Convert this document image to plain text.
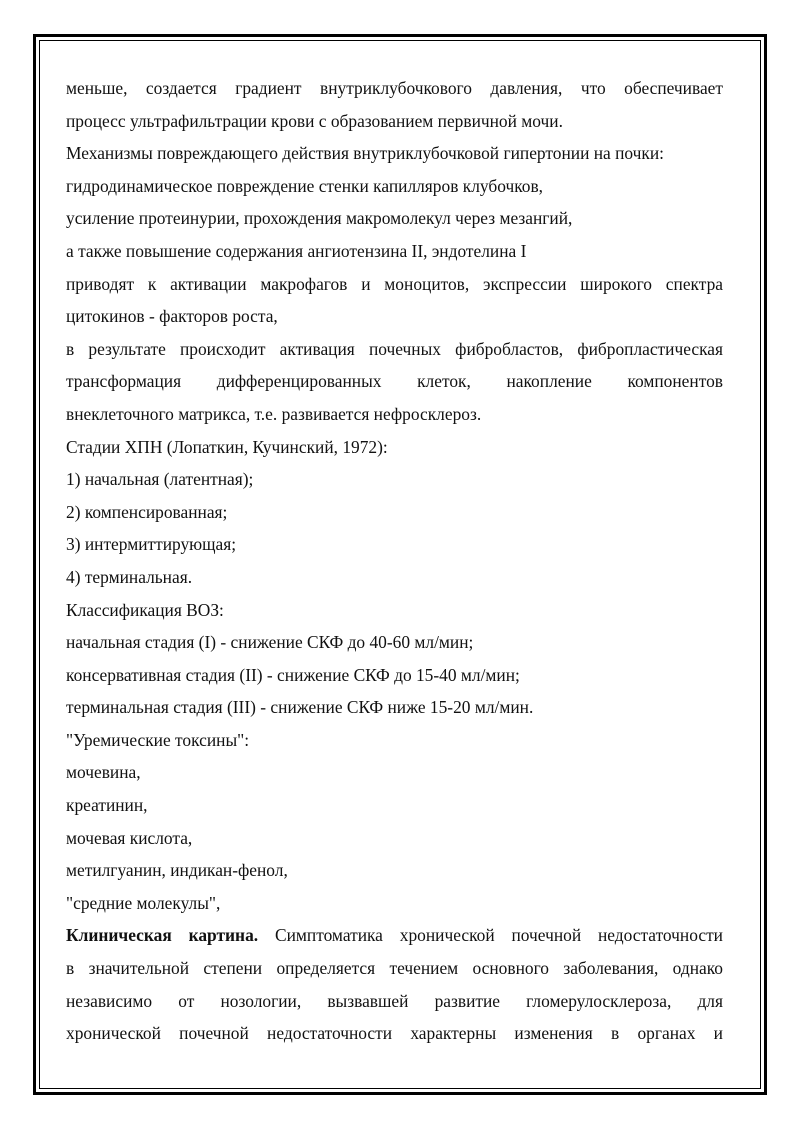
меньше, создается градиент внутриклубочкового давления, что обеспечивает
процесс ультрафильтрации крови с образованием первичной мочи.
Механизмы повреждающего действия внутриклубочковой гипертонии на почки:
гидродинамическое повреждение стенки капилляров клубочков,
усиление протеинурии, прохождения макромолекул через мезангий,
а также повышение содержания ангиотензина II, эндотелина I
приводят к активации макрофагов и моноцитов, экспрессии широкого спектра
цитокинов - факторов роста,
в результате происходит активация почечных фибробластов, фибропластическая
трансформация дифференцированных клеток, накопление компонентов
внеклеточного матрикса, т.е. развивается нефросклероз.
Стадии ХПН (Лопаткин, Кучинский, 1972):
1) начальная (латентная);
2) компенсированная;
3) интермиттирующая;
4) терминальная.
Классификация ВОЗ:
начальная стадия (I) - снижение СКФ до 40-60 мл/мин;
консервативная стадия (II) - снижение СКФ до 15-40 мл/мин;
терминальная стадия (III) - снижение СКФ ниже 15-20 мл/мин.
"Уремические токсины":
мочевина,
креатинин,
мочевая кислота,
метилгуанин, индикан-фенол,
"средние молекулы",
Клиническая картина. Симптоматика хронической почечной недостаточности
в значительной степени определяется течением основного заболевания, однако
независимо от нозологии, вызвавшей развитие гломерулосклероза, для
хронической почечной недостаточности характерны изменения в органах и
